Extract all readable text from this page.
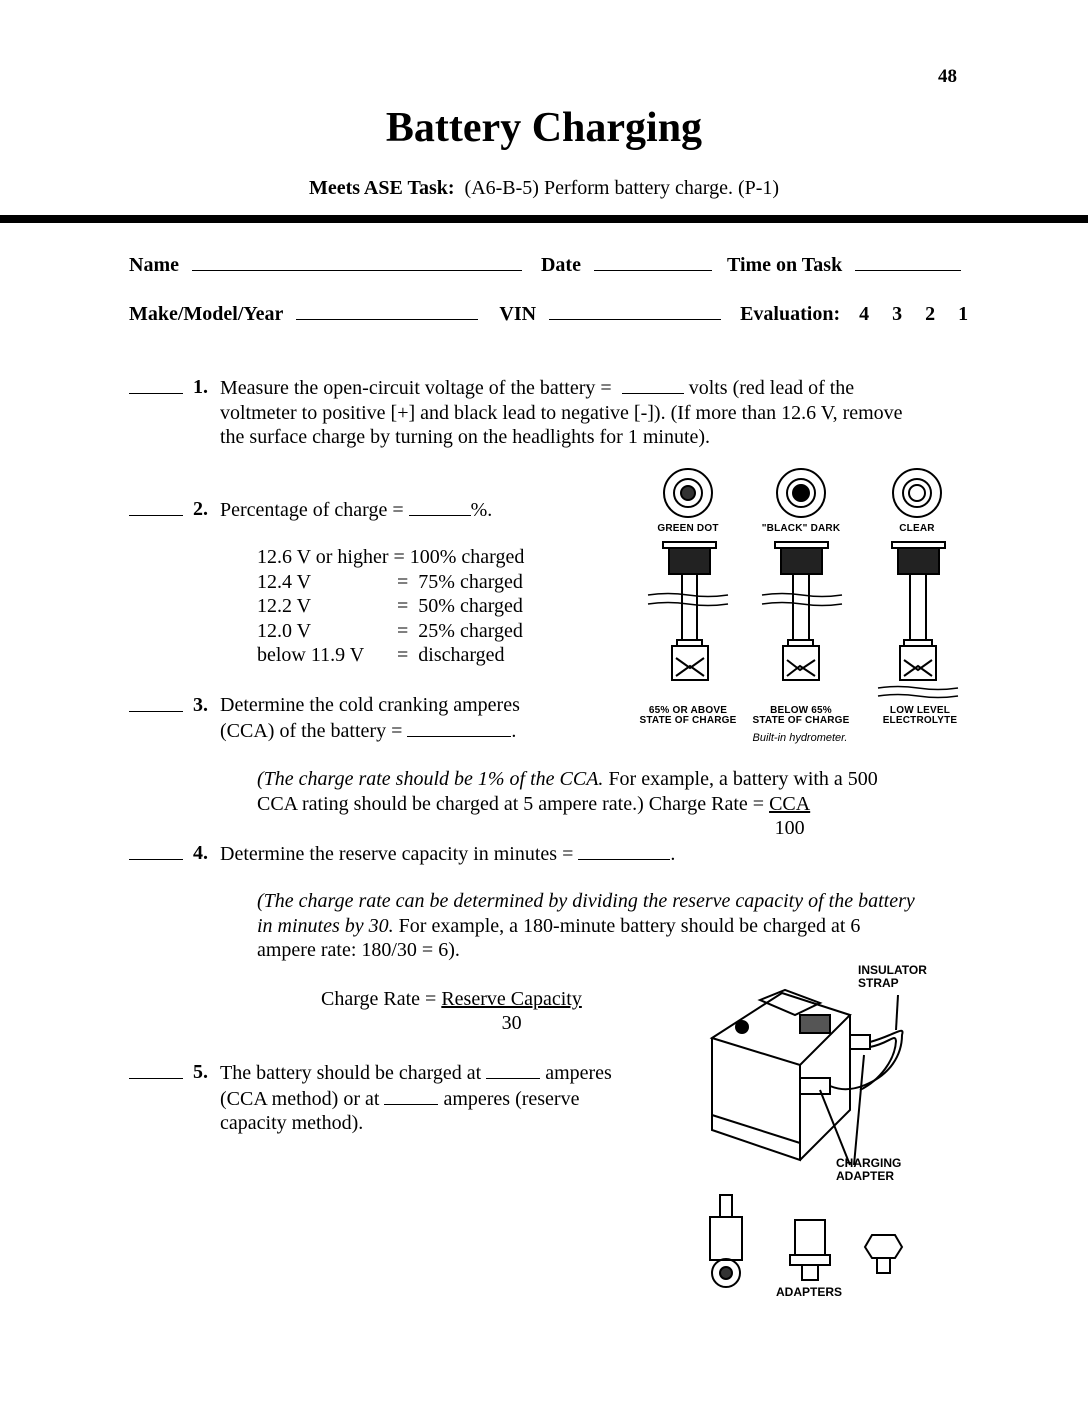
48
Battery Charging
Meets ASE Task: (A6-B-5) Perform battery charge. (P-1)
Name	Date	Time on Task
Make/Model/Year	VIN	Evaluation: 4 3 2 1
1. Measure the open-circuit voltage of the battery =	volts (red lead of the
voltmeter to positive [+] and black lead to negative [-]). (If more than 12.6 V, remove
the surface charge by turning on the headlights for 1 minute).
2. Percentage of charge =	%.
12.6 V or higher = 100% charged	
12.4 V	=  75% charged
12.2 V	=  50% charged
12.0 V	=  25% charged
below 11.9 V	=  discharged
3. Determine the cold cranking amperes
(CCA) of the battery =	.
(The charge rate should be 1% of the CCA. For example, a battery with a 500
CCA rating should be charged at 5 ampere rate.) Charge Rate = $\frac{\text{CCA}}{100}$
4. Determine the reserve capacity in minutes =	.
(The charge rate can be determined by dividing the reserve capacity of the battery
in minutes by 30. For example, a 180-minute battery should be charged at 6
ampere rate: 180/30 = 6).
Charge Rate = $\frac{\text{Reserve Capacity}}{30}$
5. The battery should be charged at	amperes
(CCA method) or at	amperes (reserve
capacity method).
GREEN DOT	"BLACK" DARK	CLEAR
65% OR ABOVE
STATE OF CHARGE
BELOW 65%
STATE OF CHARGE
LOW LEVEL
ELECTROLYTE
Built-in hydrometer.
INSULATOR
STRAP
CHARGING
ADAPTER
ADAPTERS
